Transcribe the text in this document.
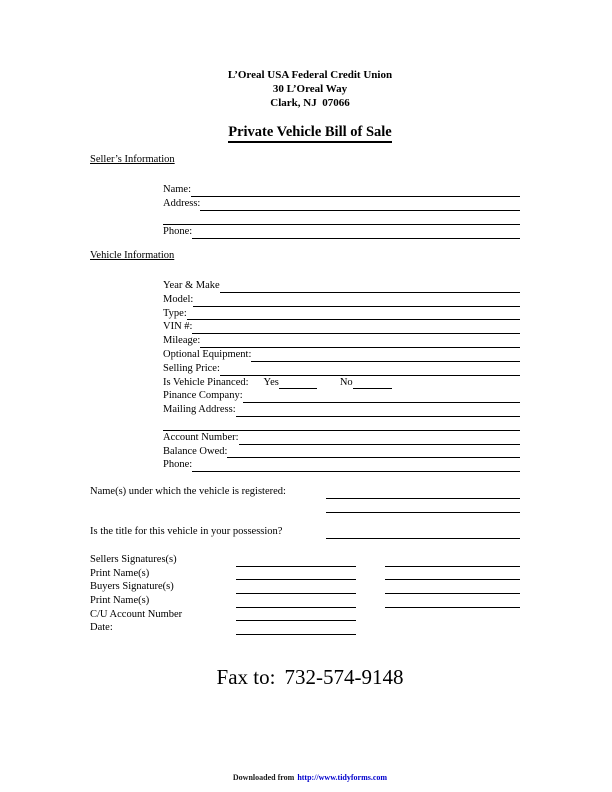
L’Oreal USA Federal Credit Union
30 L’Oreal Way
Clark, NJ  07066
Private Vehicle Bill of Sale
Seller’s Information
Name:
Address:
Phone:
Vehicle Information
Year & Make
Model:
Type:
VIN #:
Mileage:
Optional Equipment:
Selling Price:
Is Vehicle Pinanced: Yes	No
Pinance Company:
Mailing Address:
Account Number:
Balance Owed:
Phone:
Name(s) under which the vehicle is registered:
Is the title for this vehicle in your possession?
Sellers Signatures(s)
Print Name(s)
Buyers Signature(s)
Print Name(s)
C/U Account Number
Date:
Fax to: 732-574-9148
Downloaded from http://www.tidyforms.com
